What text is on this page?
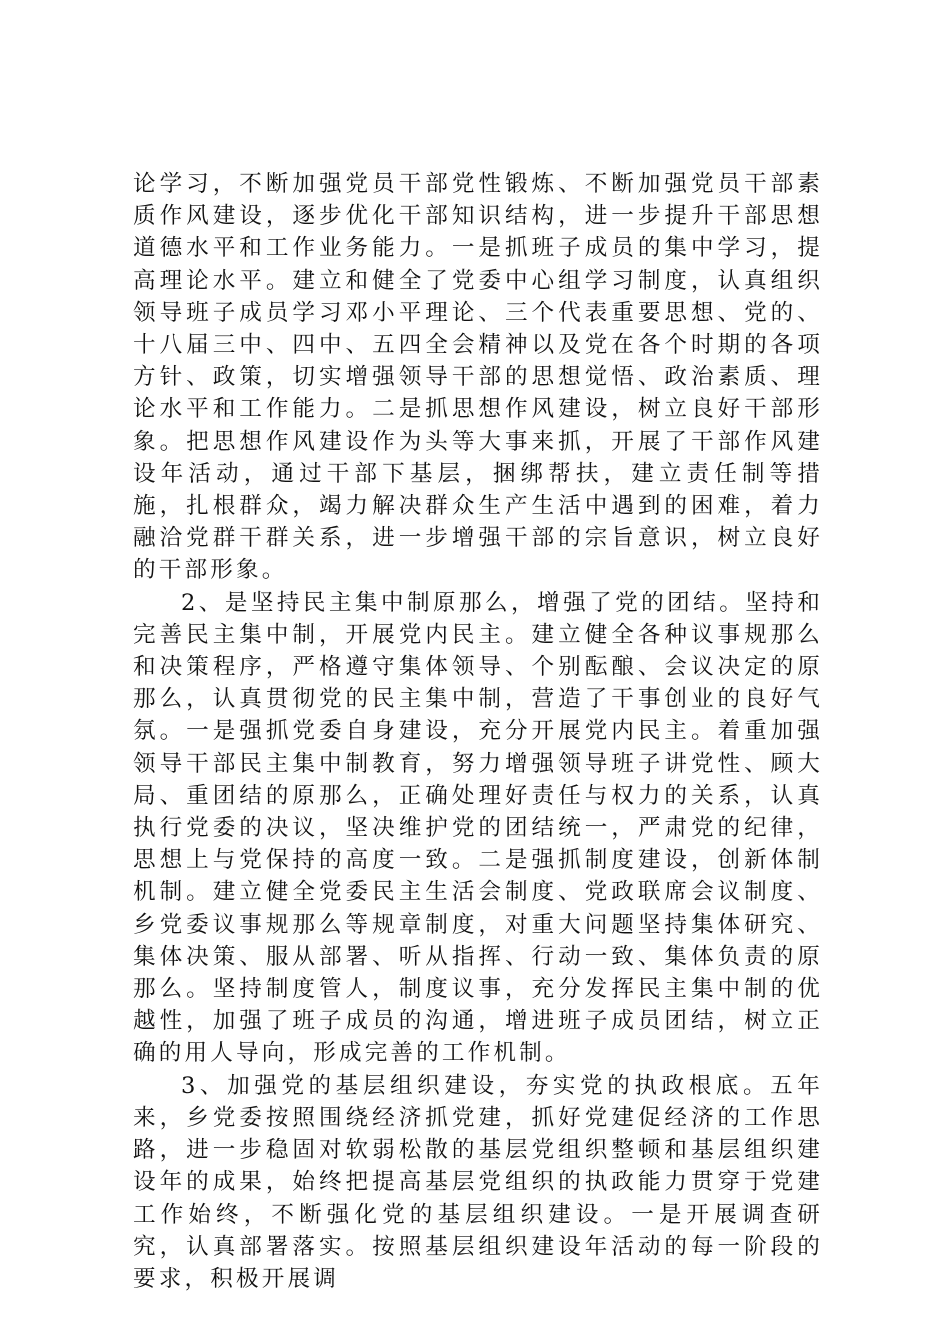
论学习，不断加强党员干部党性锻炼、不断加强党员干部素质作风建设，逐步优化干部知识结构，进一步提升干部思想道德水平和工作业务能力。一是抓班子成员的集中学习，提高理论水平。建立和健全了党委中心组学习制度，认真组织领导班子成员学习邓小平理论、三个代表重要思想、党的、十八届三中、四中、五四全会精神以及党在各个时期的各项方针、政策，切实增强领导干部的思想觉悟、政治素质、理论水平和工作能力。二是抓思想作风建设，树立良好干部形象。把思想作风建设作为头等大事来抓，开展了干部作风建设年活动，通过干部下基层，捆绑帮扶，建立责任制等措施，扎根群众，竭力解决群众生产生活中遇到的困难，着力融洽党群干群关系，进一步增强干部的宗旨意识，树立良好的干部形象。

2、是坚持民主集中制原那么，增强了党的团结。坚持和完善民主集中制，开展党内民主。建立健全各种议事规那么和决策程序，严格遵守集体领导、个别酝酿、会议决定的原那么，认真贯彻党的民主集中制，营造了干事创业的良好气氛。一是强抓党委自身建设，充分开展党内民主。着重加强领导干部民主集中制教育，努力增强领导班子讲党性、顾大局、重团结的原那么，正确处理好责任与权力的关系，认真执行党委的决议，坚决维护党的团结统一，严肃党的纪律，思想上与党保持的高度一致。二是强抓制度建设，创新体制机制。建立健全党委民主生活会制度、党政联席会议制度、乡党委议事规那么等规章制度，对重大问题坚持集体研究、集体决策、服从部署、听从指挥、行动一致、集体负责的原那么。坚持制度管人，制度议事，充分发挥民主集中制的优越性，加强了班子成员的沟通，增进班子成员团结，树立正确的用人导向，形成完善的工作机制。

3、加强党的基层组织建设，夯实党的执政根底。五年来，乡党委按照围绕经济抓党建，抓好党建促经济的工作思路，进一步稳固对软弱松散的基层党组织整顿和基层组织建设年的成果，始终把提高基层党组织的执政能力贯穿于党建工作始终，不断强化党的基层组织建设。一是开展调查研究，认真部署落实。按照基层组织建设年活动的每一阶段的要求，积极开展调
